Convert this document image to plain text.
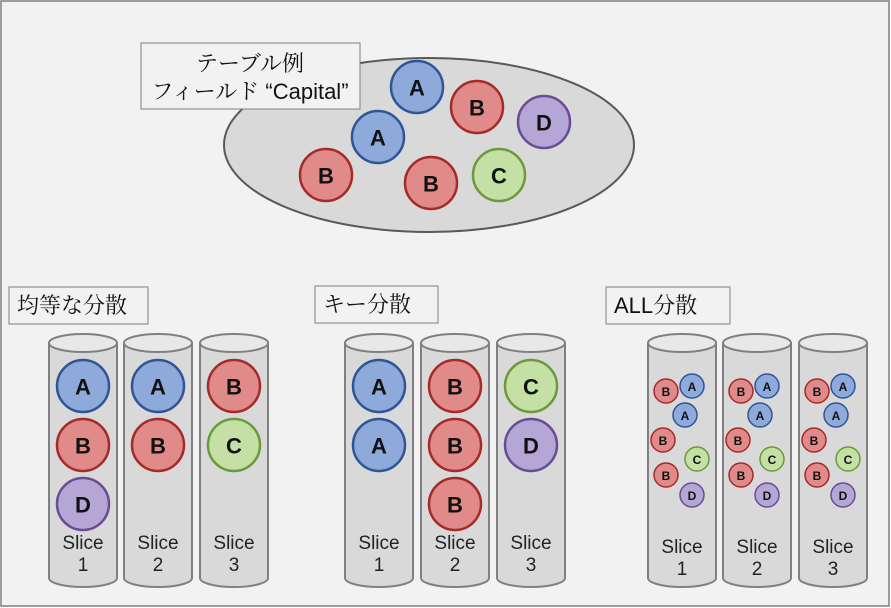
テーブル例
フィールド “Capital”	A
B
D
A
B	B C
均等な分散	キー分散	ALL分散
A
B
D
Slice
1
A
B
Slice
2
B
C
Slice
3
A
A
Slice
1
B
B
B
Slice
2
C
D
Slice
3
B A
A
B
C
B
D
Slice
1
B A
A
B
C
B
D
Slice
2
B A
A
B
C
B
D
Slice
3
